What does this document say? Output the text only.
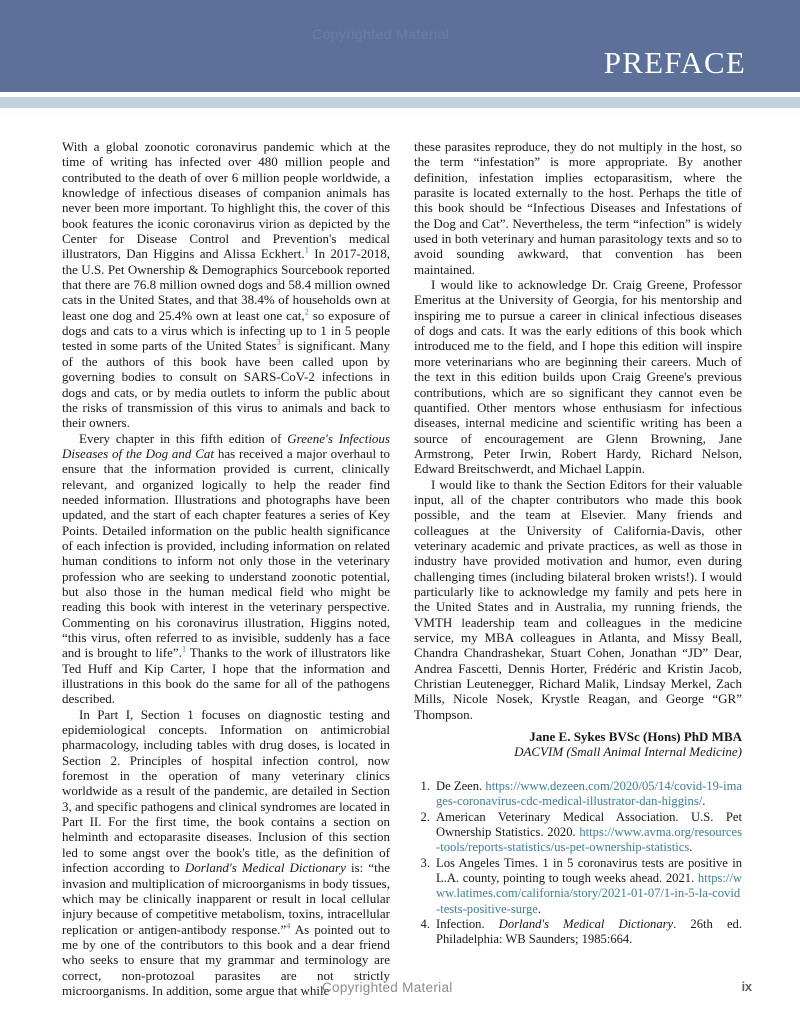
Copyrighted Material
PREFACE

With a global zoonotic coronavirus pandemic which at the time of writing has infected over 480 million people and contributed to the death of over 6 million people worldwide, a knowledge of infectious diseases of companion animals has never been more important. To highlight this, the cover of this book features the iconic coronavirus virion as depicted by the Center for Disease Control and Prevention's medical illustrators, Dan Higgins and Alissa Eckhert.$^1$ In 2017-2018, the U.S. Pet Ownership & Demographics Sourcebook reported that there are 76.8 million owned dogs and 58.4 million owned cats in the United States, and that 38.4% of households own at least one dog and 25.4% own at least one cat,$^2$ so exposure of dogs and cats to a virus which is infecting up to 1 in 5 people tested in some parts of the United States$^3$ is significant. Many of the authors of this book have been called upon by governing bodies to consult on SARS-CoV-2 infections in dogs and cats, or by media outlets to inform the public about the risks of transmission of this virus to animals and back to their owners.

Every chapter in this fifth edition of Greene's Infectious Diseases of the Dog and Cat has received a major overhaul to ensure that the information provided is current, clinically relevant, and organized logically to help the reader find needed information. Illustrations and photographs have been updated, and the start of each chapter features a series of Key Points. Detailed information on the public health significance of each infection is provided, including information on related human conditions to inform not only those in the veterinary profession who are seeking to understand zoonotic potential, but also those in the human medical field who might be reading this book with interest in the veterinary perspective. Commenting on his coronavirus illustration, Higgins noted, “this virus, often referred to as invisible, suddenly has a face and is brought to life”.$^1$ Thanks to the work of illustrators like Ted Huff and Kip Carter, I hope that the information and illustrations in this book do the same for all of the pathogens described.

In Part I, Section 1 focuses on diagnostic testing and epidemiological concepts. Information on antimicrobial pharmacology, including tables with drug doses, is located in Section 2. Principles of hospital infection control, now foremost in the operation of many veterinary clinics worldwide as a result of the pandemic, are detailed in Section 3, and specific pathogens and clinical syndromes are located in Part II. For the first time, the book contains a section on helminth and ectoparasite diseases. Inclusion of this section led to some angst over the book's title, as the definition of infection according to Dorland's Medical Dictionary is: “the invasion and multiplication of microorganisms in body tissues, which may be clinically inapparent or result in local cellular injury because of competitive metabolism, toxins, intracellular replication or antigen-antibody response.”$^4$ As pointed out to me by one of the contributors to this book and a dear friend who seeks to ensure that my grammar and terminology are correct, non-protozoal parasites are not strictly microorganisms. In addition, some argue that while

these parasites reproduce, they do not multiply in the host, so the term “infestation” is more appropriate. By another definition, infestation implies ectoparasitism, where the parasite is located externally to the host. Perhaps the title of this book should be “Infectious Diseases and Infestations of the Dog and Cat”. Nevertheless, the term “infection” is widely used in both veterinary and human parasitology texts and so to avoid sounding awkward, that convention has been maintained.

I would like to acknowledge Dr. Craig Greene, Professor Emeritus at the University of Georgia, for his mentorship and inspiring me to pursue a career in clinical infectious diseases of dogs and cats. It was the early editions of this book which introduced me to the field, and I hope this edition will inspire more veterinarians who are beginning their careers. Much of the text in this edition builds upon Craig Greene's previous contributions, which are so significant they cannot even be quantified. Other mentors whose enthusiasm for infectious diseases, internal medicine and scientific writing has been a source of encouragement are Glenn Browning, Jane Armstrong, Peter Irwin, Robert Hardy, Richard Nelson, Edward Breitschwerdt, and Michael Lappin.

I would like to thank the Section Editors for their valuable input, all of the chapter contributors who made this book possible, and the team at Elsevier. Many friends and colleagues at the University of California-Davis, other veterinary academic and private practices, as well as those in industry have provided motivation and humor, even during challenging times (including bilateral broken wrists!). I would particularly like to acknowledge my family and pets here in the United States and in Australia, my running friends, the VMTH leadership team and colleagues in the medicine service, my MBA colleagues in Atlanta, and Missy Beall, Chandra Chandrashekar, Stuart Cohen, Jonathan “JD” Dear, Andrea Fascetti, Dennis Horter, Frédéric and Kristin Jacob, Christian Leutenegger, Richard Malik, Lindsay Merkel, Zach Mills, Nicole Nosek, Krystle Reagan, and George “GR” Thompson.

Jane E. Sykes BVSc (Hons) PhD MBA
DACVIM (Small Animal Internal Medicine)
1. De Zeen. https://www.dezeen.com/2020/05/14/covid-19-images-coronavirus-cdc-medical-illustrator-dan-higgins/.
2. American Veterinary Medical Association. U.S. Pet Ownership Statistics. 2020. https://www.avma.org/resources-tools/reports-statistics/us-pet-ownership-statistics.
3. Los Angeles Times. 1 in 5 coronavirus tests are positive in L.A. county, pointing to tough weeks ahead. 2021. https://www.latimes.com/california/story/2021-01-07/1-in-5-la-covid-tests-positive-surge.
4. Infection. Dorland's Medical Dictionary. 26th ed. Philadelphia: WB Saunders; 1985:664.
Copyrighted Material	ix
